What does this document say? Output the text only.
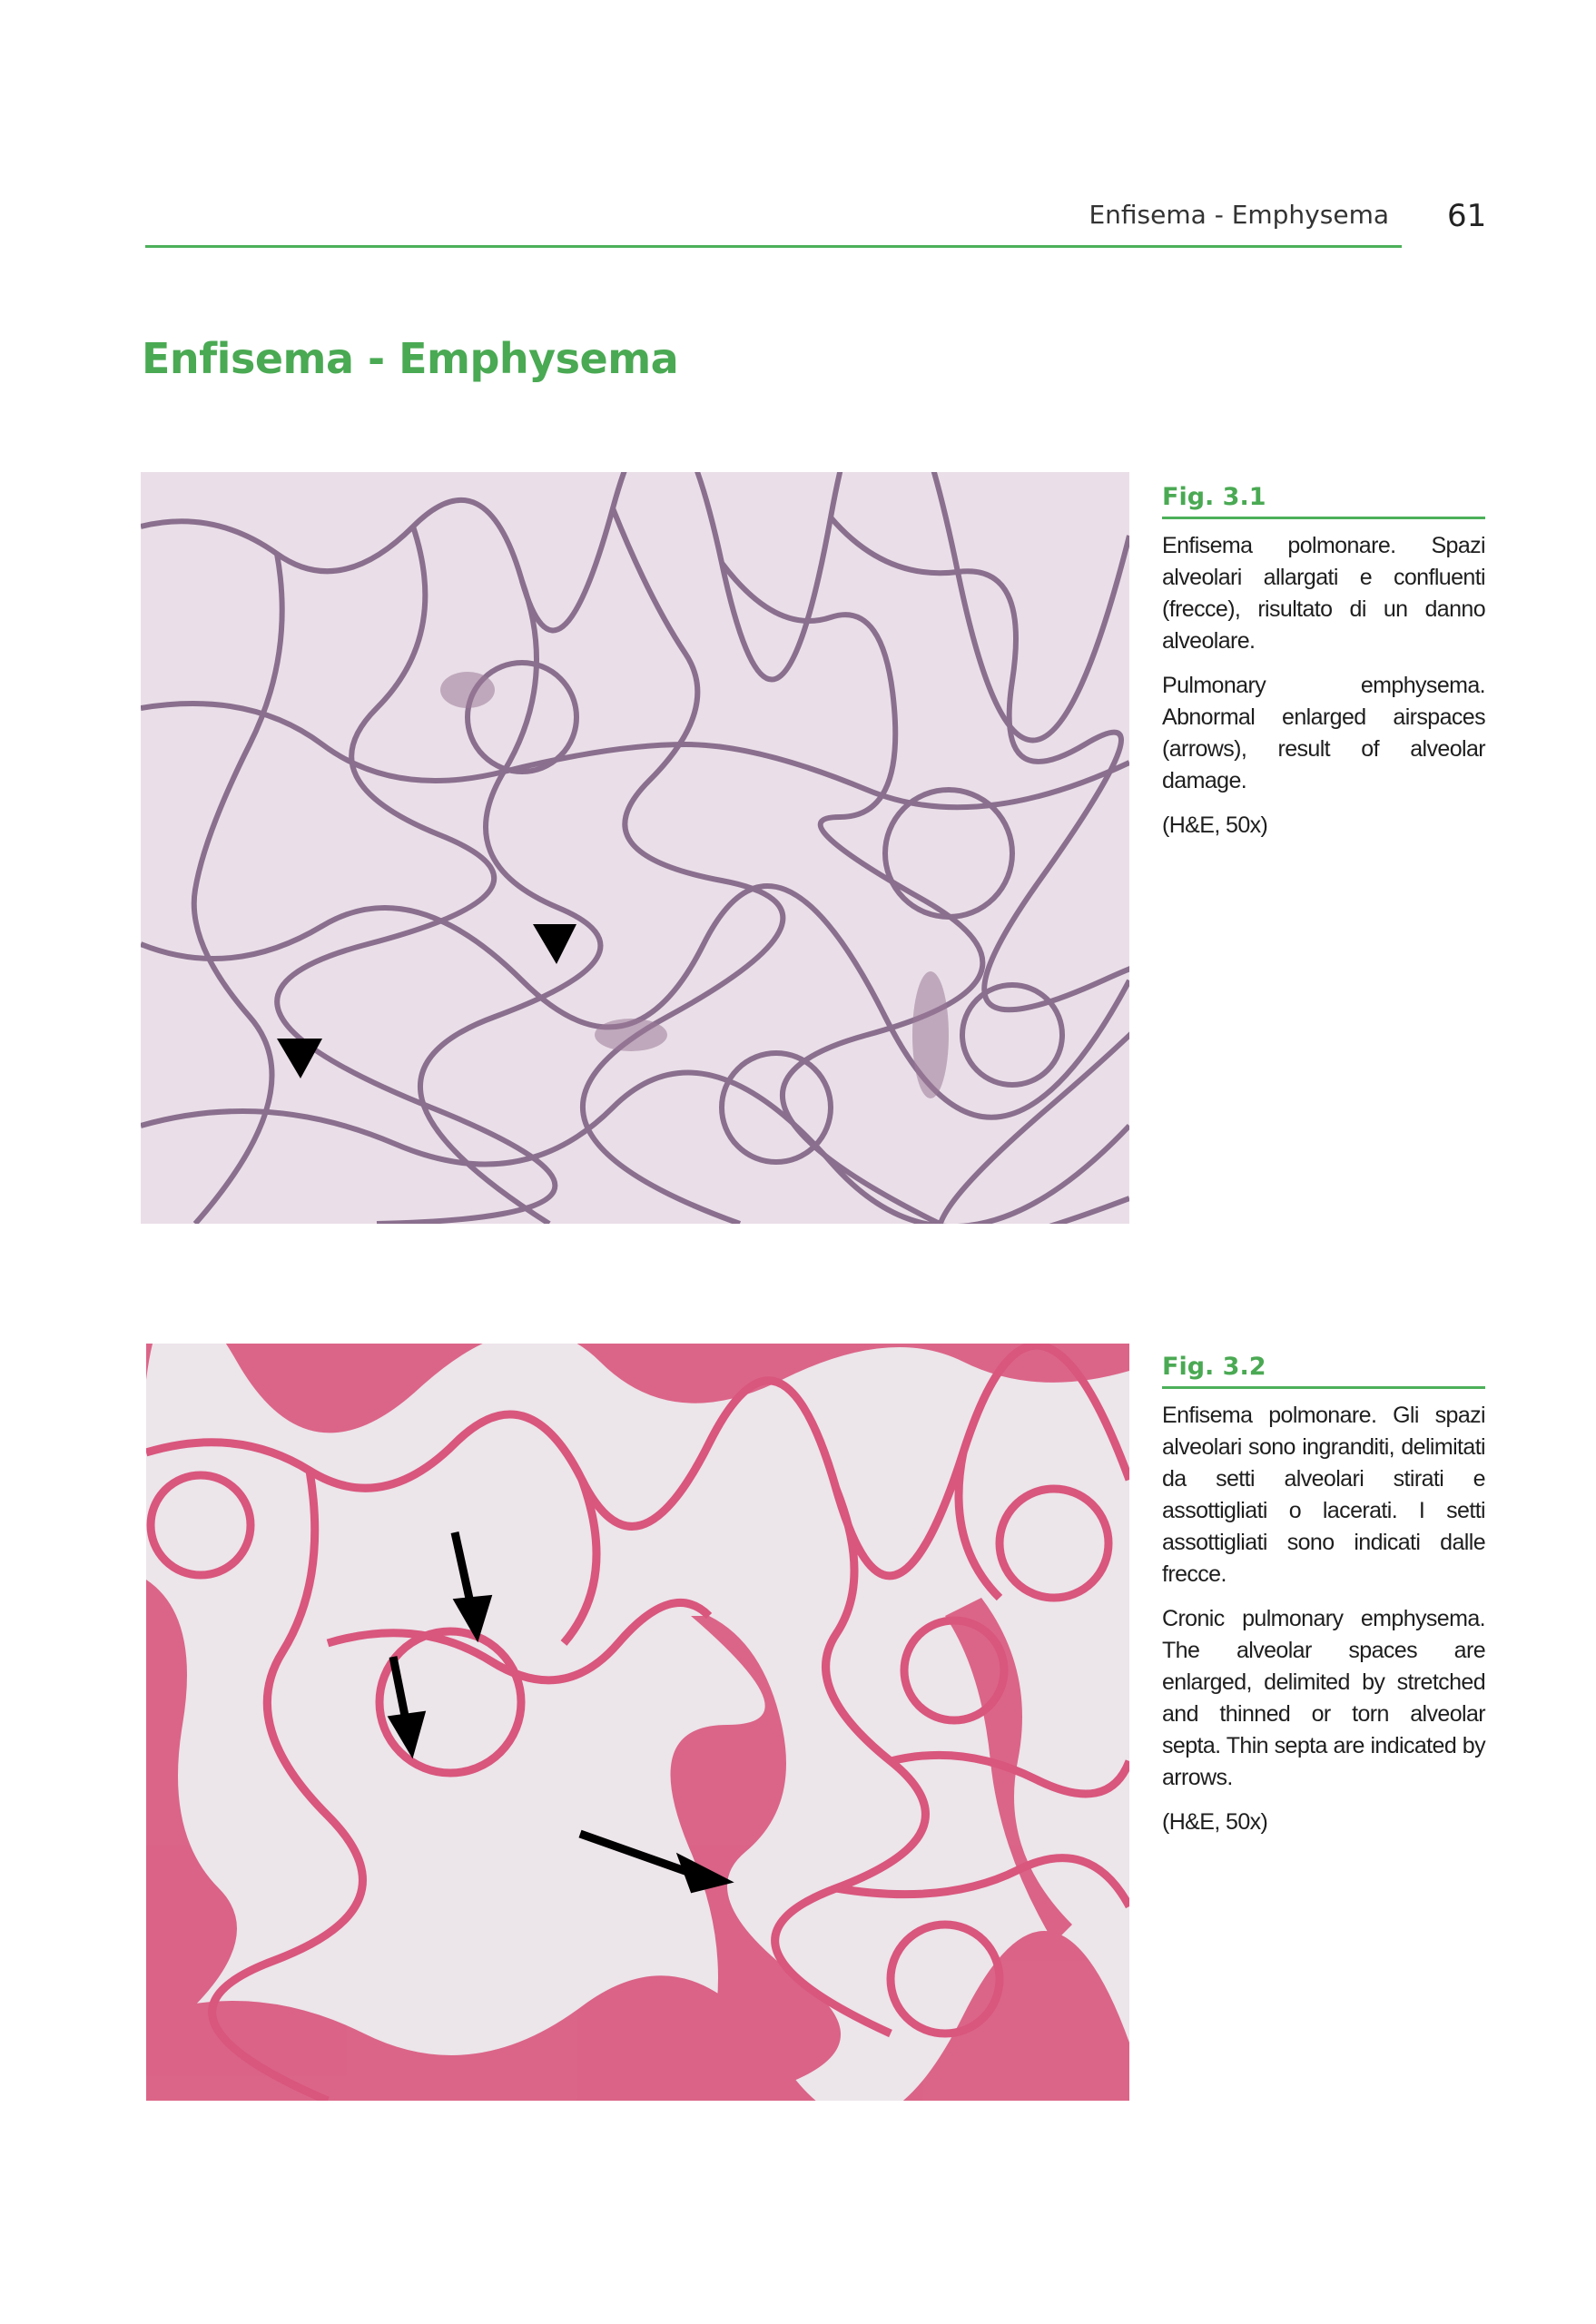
Enfisema - Emphysema 61
Enfisema - Emphysema
Fig. 3.1

Enfisema polmonare. Spazi alveolari allargati e confluenti (frecce), risultato di un danno alveolare.

Pulmonary emphysema. Abnormal enlarged airspaces (arrows), result of alveolar damage.

(H&E, 50x)

Fig. 3.2

Enfisema polmonare. Gli spazi alveolari sono ingranditi, delimitati da setti alveolari stirati e assottigliati o lacerati. I setti assottigliati sono indicati dalle frecce.

Cronic pulmonary emphysema. The alveolar spaces are enlarged, delimited by stretched and thinned or torn alveolar septa. Thin septa are indicated by arrows.

(H&E, 50x)
